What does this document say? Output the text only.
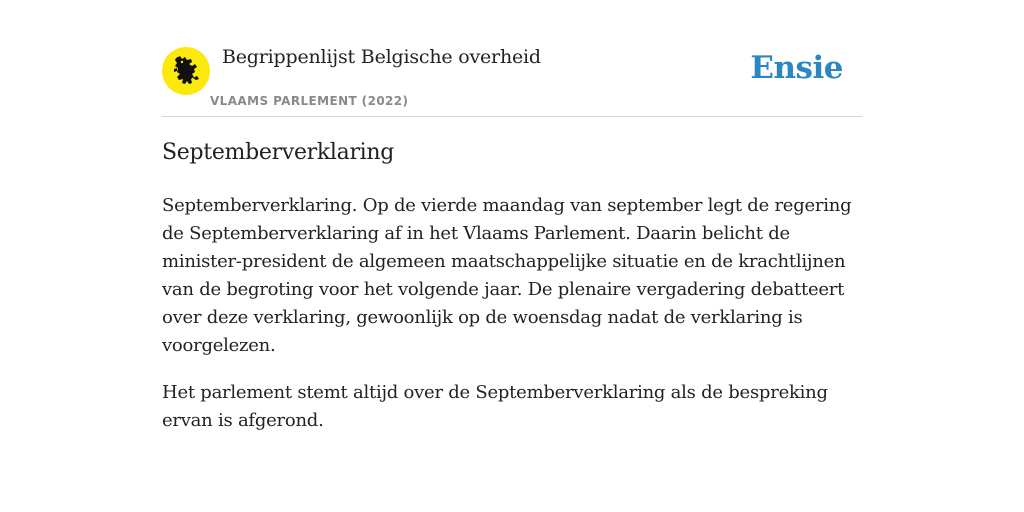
Begrippenlijst Belgische overheid
VLAAMS PARLEMENT (2022)
Ensie
Septemberverklaring

Septemberverklaring. Op de vierde maandag van september legt de regering de Septemberverklaring af in het Vlaams Parlement. Daarin belicht de minister-president de algemeen maatschappelijke situatie en de krachtlijnen van de begroting voor het volgende jaar. De plenaire vergadering debatteert over deze verklaring, gewoonlijk op de woensdag nadat de verklaring is voorgelezen.

Het parlement stemt altijd over de Septemberverklaring als de bespreking ervan is afgerond.
